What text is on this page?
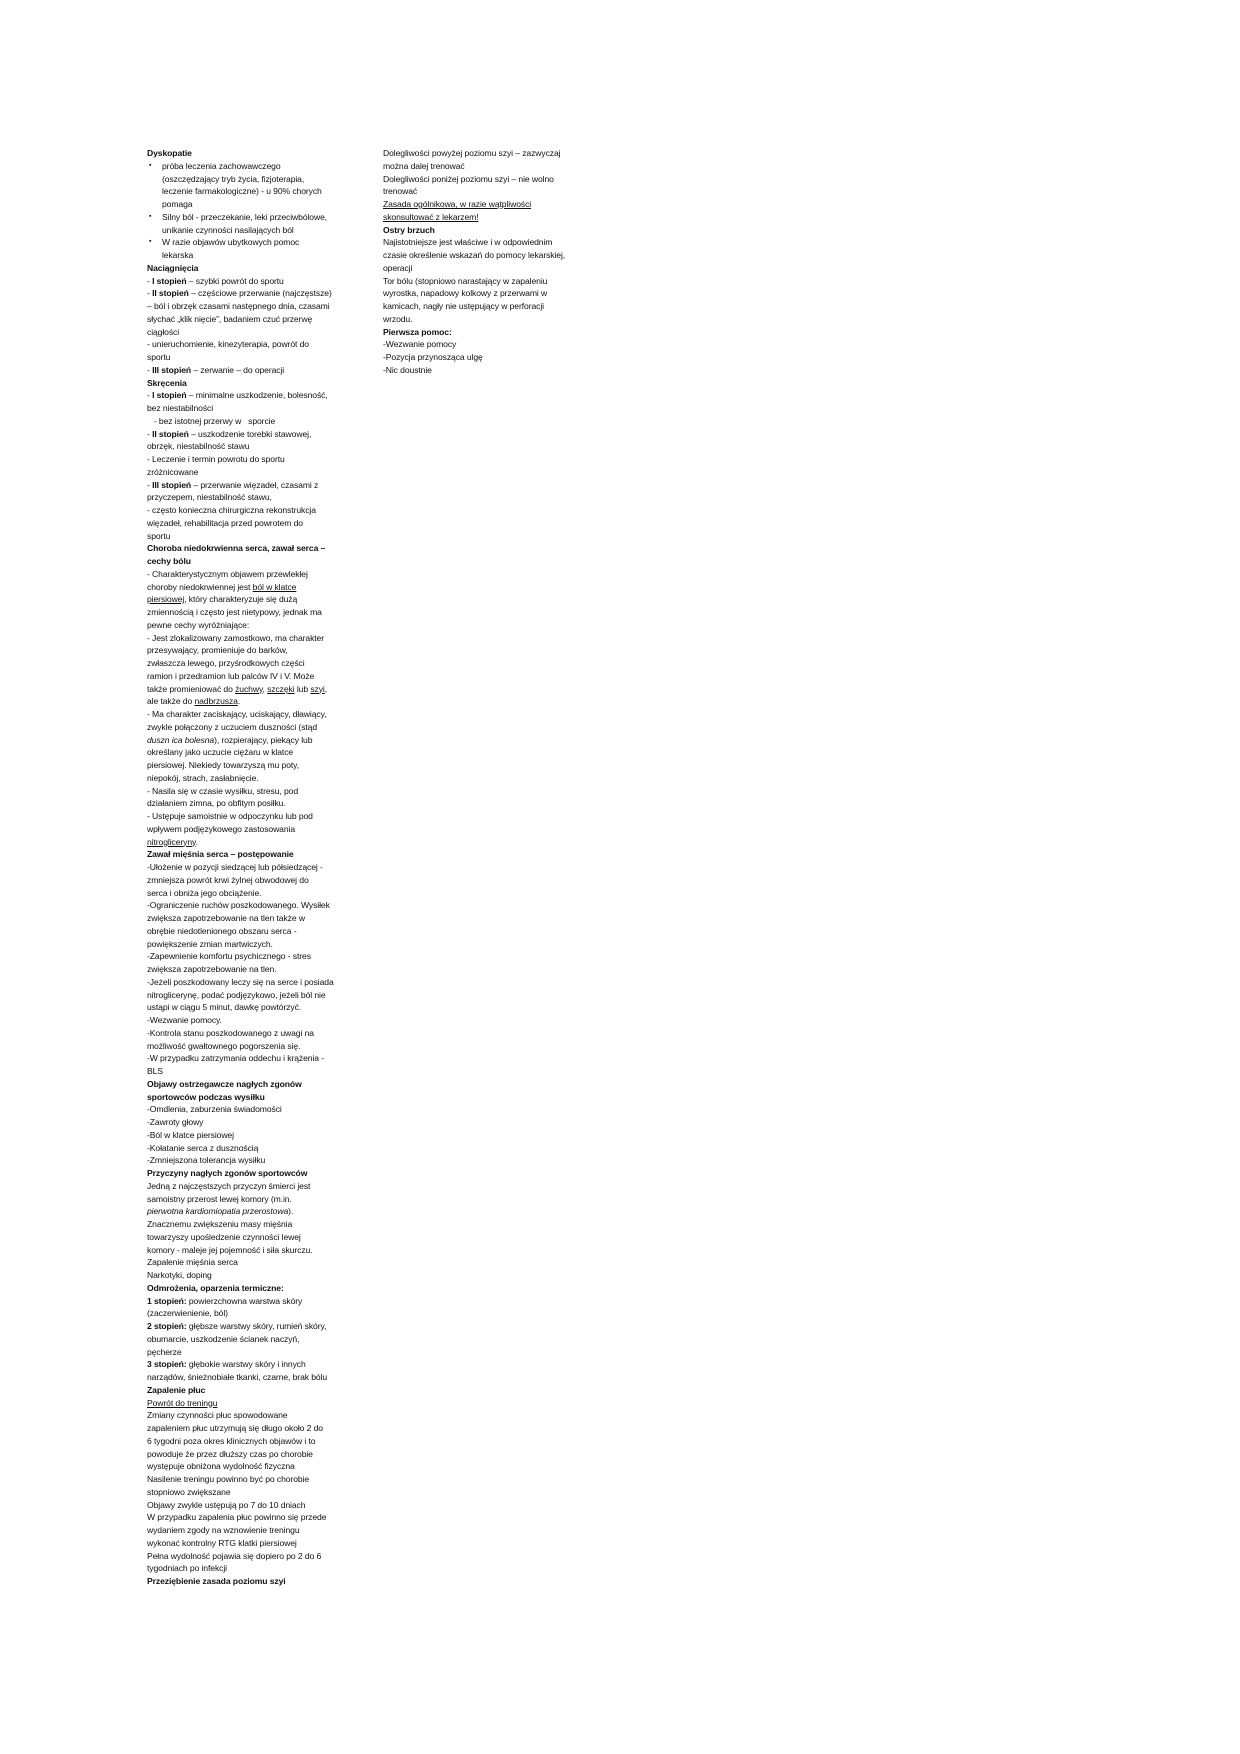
Dyskopatie
▪ próba leczenia zachowawczego
(oszczędzający tryb życia, fizjoterapia,
leczenie farmakologiczne) - u 90% chorych
pomaga
▪ Silny ból - przeczekanie, leki przeciwbólowe,
unikanie czynności nasilających ból
▪ W razie objawów ubytkowych pomoc
lekarska
Naciągnięcia
- I stopień – szybki powrót do sportu
- II stopień – częściowe przerwanie (najczęstsze)
– ból i obrzęk czasami następnego dnia, czasami
słychać „klik nięcie”, badaniem czuć przerwę
ciągłości
- unieruchomienie, kinezyterapia, powrót do
sportu
- III stopień – zerwanie – do operacji
Skręcenia
- I stopień – minimalne uszkodzenie, bolesność,
bez niestabilności
- bez istotnej przerwy w   sporcie
- II stopień – uszkodzenie torebki stawowej,
obrzęk, niestabilność stawu
- Leczenie i termin powrotu do sportu
zróżnicowane
- III stopień – przerwanie więzadeł, czasami z
przyczepem, niestabilność stawu,
- często konieczna chirurgiczna rekonstrukcja
więzadeł, rehabilitacja przed powrotem do
sportu
Choroba niedokrwienna serca, zawał serca –
cechy bólu
- Charakterystycznym objawem przewlekłej
choroby niedokrwiennej jest ból w klatce
piersiowej, który charakteryzuje się dużą
zmiennością i często jest nietypowy, jednak ma
pewne cechy wyróżniające:
- Jest zlokalizowany zamostkowo, ma charakter
przesywający, promieniuje do barków,
zwłaszcza lewego, przyśrodkowych części
ramion i przedramion lub palców IV i V. Może
także promieniować do żuchwy, szczęki lub szyi,
ale także do nadbrzusza.
- Ma charakter zaciskający, uciskający, dławiący,
zwykle połączony z uczuciem duszności (stąd
duszn ica bolesna), rozpierający, piekący lub
określany jako uczucie ciężaru w klatce
piersiowej. Niekiedy towarzyszą mu poty,
niepokój, strach, zasłabnięcie.
- Nasila się w czasie wysiłku, stresu, pod
działaniem zimna, po obfitym posiłku.
- Ustępuje samoistnie w odpoczynku lub pod
wpływem podjęzykowego zastosowania
nitrogliceryny.
Zawał mięśnia serca – postępowanie
-Ułożenie w pozycji siedzącej lub półsiedzącej -
zmniejsza powrót krwi żylnej obwodowej do
serca i obniża jego obciążenie.
-Ograniczenie ruchów poszkodowanego. Wysiłek
zwiększa zapotrzebowanie na tlen także w
obrębie niedotlenionego obszaru serca -
powiększenie zmian martwiczych.
-Zapewnienie komfortu psychicznego - stres
zwiększa zapotrzebowanie na tlen.
-Jeżeli poszkodowany leczy się na serce i posiada
nitroglicerynę, podać podjęzykowo, jeżeli ból nie
ustąpi w ciągu 5 minut, dawkę powtórzyć.
-Wezwanie pomocy.
-Kontrola stanu poszkodowanego z uwagi na
możliwość gwałtownego pogorszenia się.
-W przypadku zatrzymania oddechu i krążenia -
BLS
Objawy ostrzegawcze nagłych zgonów
sportowców podczas wysiłku
-Omdlenia, zaburzenia świadomości
-Zawroty głowy
-Ból w klatce piersiowej
-Kołatanie serca z dusznością
-Zmniejszona tolerancja wysiłku
Przyczyny nagłych zgonów sportowców
Jedną z najczęstszych przyczyn śmierci jest
samoistny przerost lewej komory (m.in.
pierwotna kardiomiopatia przerostowa).
Znacznemu zwiększeniu masy mięśnia
towarzyszy upośledzenie czynności lewej
komory - maleje jej pojemność i siła skurczu.
Zapalenie mięśnia serca
Narkotyki, doping
Odmrożenia, oparzenia termiczne:
1 stopień: powierzchowna warstwa skóry
(zaczerwienienie, ból)
2 stopień: głębsze warstwy skóry, rumień skóry,
obumarcie, uszkodzenie ścianek naczyń,
pęcherze
3 stopień: głębokie warstwy skóry i innych
narządów, śnieżnobiałe tkanki, czarne, brak bólu
Zapalenie płuc
Powrót do treningu
Zmiany czynności płuc spowodowane
zapaleniem płuc utrzymują się długo około 2 do
6 tygodni poza okres klinicznych objawów i to
powoduje że przez dłuższy czas po chorobie
występuje obniżona wydolność fizyczna
Nasilenie treningu powinno być po chorobie
stopniowo zwiększane
Objawy zwykle ustępują po 7 do 10 dniach
W przypadku zapalenia płuc powinno się przede
wydaniem zgody na wznowienie treningu
wykonać kontrolny RTG klatki piersiowej
Pełna wydolność pojawia się dopiero po 2 do 6
tygodniach po infekcji
Przeziębienie zasada poziomu szyi
Dolegliwości powyżej poziomu szyi – zazwyczaj
można dalej trenować
Dolegliwości poniżej poziomu szyi – nie wolno
trenować
Zasada ogólnikowa, w razie wątpliwości
skonsultować z lekarzem!
Ostry brzuch
Najistotniejsze jest właściwe i w odpowiednim
czasie określenie wskazań do pomocy lekarskiej,
operacji
Tor bólu (stopniowo narastający w zapaleniu
wyrostka, napadowy kolkowy z przerwami w
kamicach, nagły nie ustępujący w perforacji
wrzodu.
Pierwsza pomoc:
-Wezwanie pomocy
-Pozycja przynosząca ulgę
-Nic doustnie
